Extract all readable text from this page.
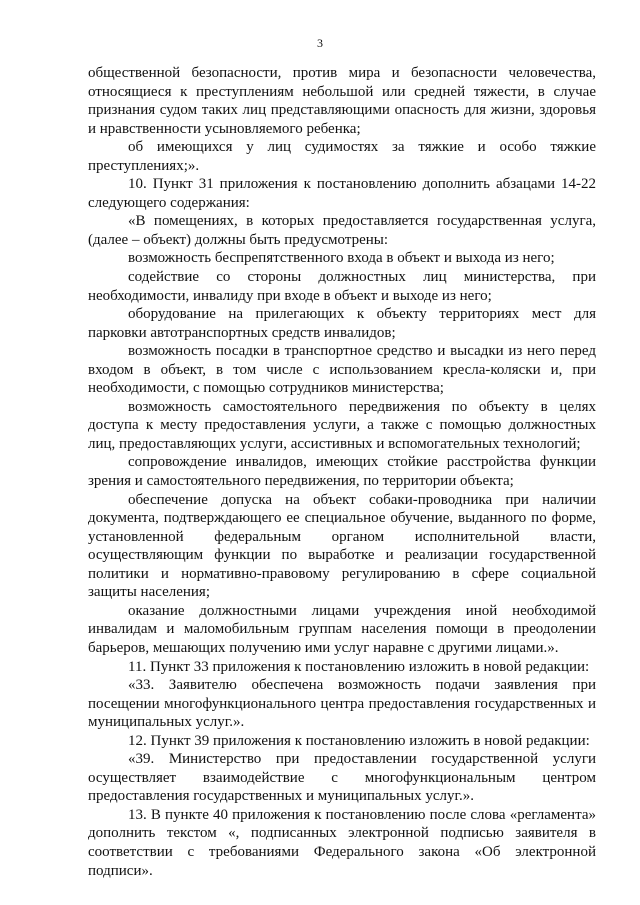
3

общественной безопасности, против мира и безопасности человечества, относящиеся к преступлениям небольшой или средней тяжести, в случае признания судом таких лиц представляющими опасность для жизни, здоровья и нравственности усыновляемого ребенка;

об имеющихся у лиц судимостях за тяжкие и особо тяжкие преступлениях;».

10. Пункт 31 приложения к постановлению дополнить абзацами 14-22 следующего содержания:

«В помещениях, в которых предоставляется государственная услуга, (далее – объект) должны быть предусмотрены:

возможность беспрепятственного входа в объект и выхода из него;

содействие со стороны должностных лиц министерства, при необходимости, инвалиду при входе в объект и выходе из него;

оборудование на прилегающих к объекту территориях мест для парковки автотранспортных средств инвалидов;

возможность посадки в транспортное средство и высадки из него перед входом в объект, в том числе с использованием кресла-коляски и, при необходимости, с помощью сотрудников министерства;

возможность самостоятельного передвижения по объекту в целях доступа к месту предоставления услуги, а также с помощью должностных лиц, предоставляющих услуги, ассистивных и вспомогательных технологий;

сопровождение инвалидов, имеющих стойкие расстройства функции зрения и самостоятельного передвижения, по территории объекта;

обеспечение допуска на объект собаки-проводника при наличии документа, подтверждающего ее специальное обучение, выданного по форме, установленной федеральным органом исполнительной власти, осуществляющим функции по выработке и реализации государственной политики и нормативно-правовому регулированию в сфере социальной защиты населения;

оказание должностными лицами учреждения иной необходимой инвалидам и маломобильным группам населения помощи в преодолении барьеров, мешающих получению ими услуг наравне с другими лицами.».

11. Пункт 33 приложения к постановлению изложить в новой редакции:

«33. Заявителю обеспечена возможность подачи заявления при посещении многофункционального центра предоставления государственных и муниципальных услуг.».

12. Пункт 39 приложения к постановлению изложить в новой редакции:

«39. Министерство при предоставлении государственной услуги осуществляет взаимодействие с многофункциональным центром предоставления государственных и муниципальных услуг.».

13. В пункте 40 приложения к постановлению после слова «регламента» дополнить текстом «, подписанных электронной подписью заявителя в соответствии с требованиями Федерального закона «Об электронной подписи».
